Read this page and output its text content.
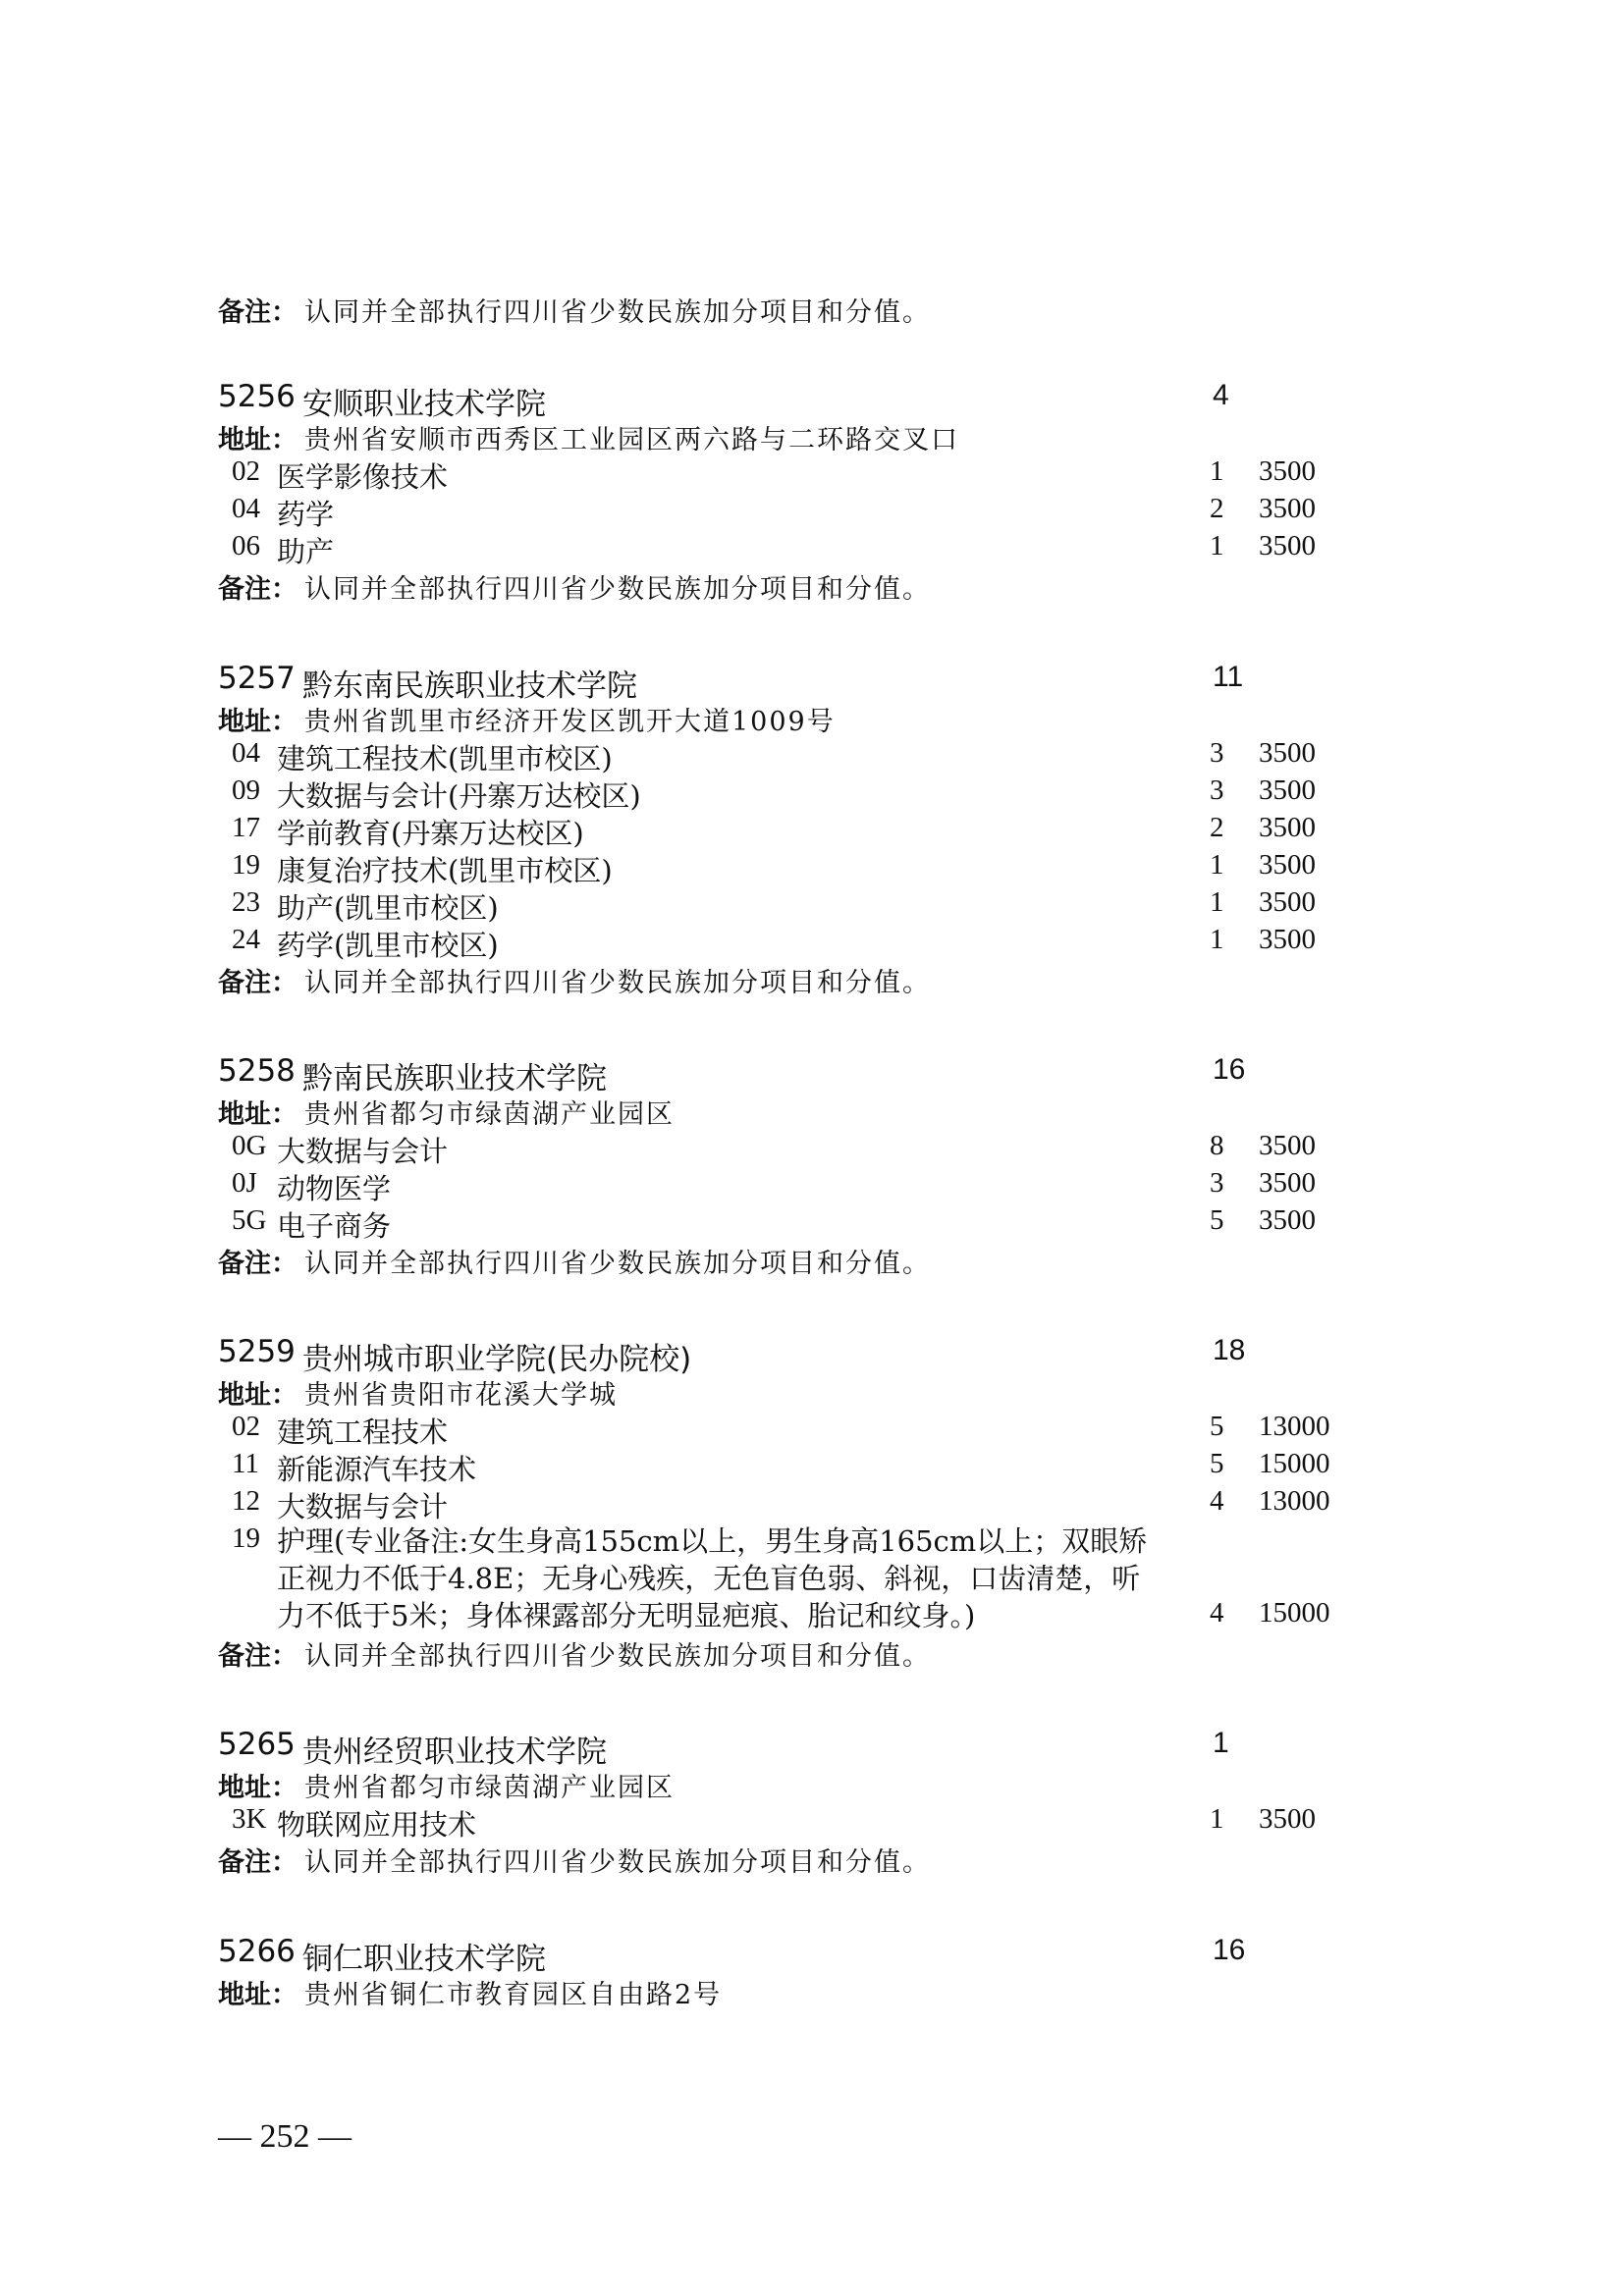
备注： 认同并全部执行四川省少数民族加分项目和分值。
5256 安顺职业技术学院	4
地址： 贵州省安顺市西秀区工业园区两六路与二环路交叉口
02 医学影像技术	1 3500
04 药学	2 3500
06 助产	1 3500
备注： 认同并全部执行四川省少数民族加分项目和分值。
5257 黔东南民族职业技术学院	11
地址： 贵州省凯里市经济开发区凯开大道1009号
04 建筑工程技术(凯里市校区)	3 3500
09 大数据与会计(丹寨万达校区)	3 3500
17 学前教育(丹寨万达校区)	2 3500
19 康复治疗技术(凯里市校区)	1 3500
23 助产(凯里市校区)	1 3500
24 药学(凯里市校区)	1 3500
备注： 认同并全部执行四川省少数民族加分项目和分值。
5258 黔南民族职业技术学院	16
地址： 贵州省都匀市绿茵湖产业园区
0G 大数据与会计	8 3500
0J 动物医学	3 3500
5G 电子商务	5 3500
备注： 认同并全部执行四川省少数民族加分项目和分值。
5259 贵州城市职业学院(民办院校)	18
地址： 贵州省贵阳市花溪大学城
02 建筑工程技术	5 13000
11 新能源汽车技术	5 15000
12 大数据与会计	4 13000
19 护理(专业备注:女生身高155cm以上，男生身高165cm以上；双眼矫正视力不低于4.8E；无身心残疾，无色盲色弱、斜视，口齿清楚，听力不低于5米；身体裸露部分无明显疤痕、胎记和纹身。)	4 15000
备注： 认同并全部执行四川省少数民族加分项目和分值。
5265 贵州经贸职业技术学院	1
地址： 贵州省都匀市绿茵湖产业园区
3K 物联网应用技术	1 3500
备注： 认同并全部执行四川省少数民族加分项目和分值。
5266 铜仁职业技术学院	16
地址： 贵州省铜仁市教育园区自由路2号
— 252 —
